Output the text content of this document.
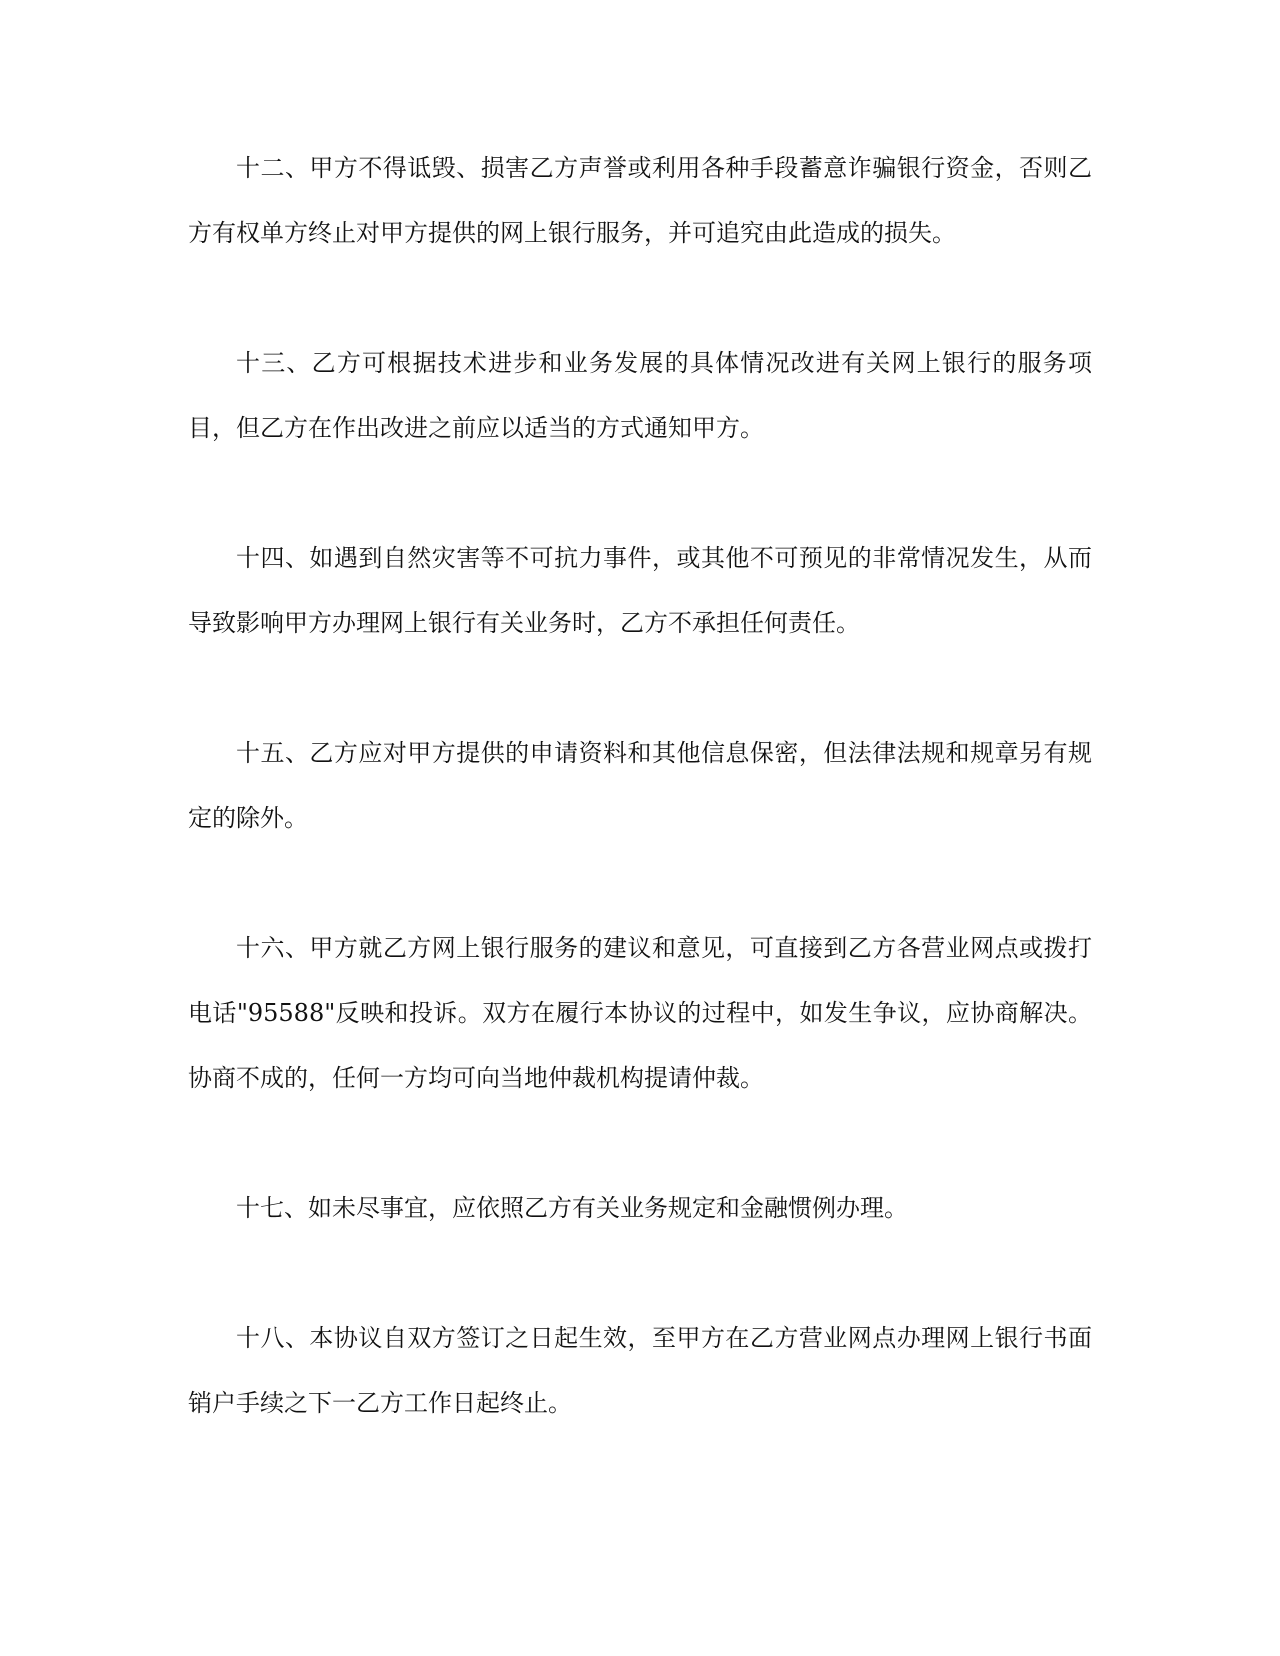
十二、甲方不得诋毁、损害乙方声誉或利用各种手段蓄意诈骗银行资金，否则乙方有权单方终止对甲方提供的网上银行服务，并可追究由此造成的损失。

十三、乙方可根据技术进步和业务发展的具体情况改进有关网上银行的服务项目，但乙方在作出改进之前应以适当的方式通知甲方。

十四、如遇到自然灾害等不可抗力事件，或其他不可预见的非常情况发生，从而导致影响甲方办理网上银行有关业务时，乙方不承担任何责任。

十五、乙方应对甲方提供的申请资料和其他信息保密，但法律法规和规章另有规定的除外。

十六、甲方就乙方网上银行服务的建议和意见，可直接到乙方各营业网点或拨打电话"95588"反映和投诉。双方在履行本协议的过程中，如发生争议，应协商解决。协商不成的，任何一方均可向当地仲裁机构提请仲裁。

十七、如未尽事宜，应依照乙方有关业务规定和金融惯例办理。

十八、本协议自双方签订之日起生效，至甲方在乙方营业网点办理网上银行书面销户手续之下一乙方工作日起终止。
